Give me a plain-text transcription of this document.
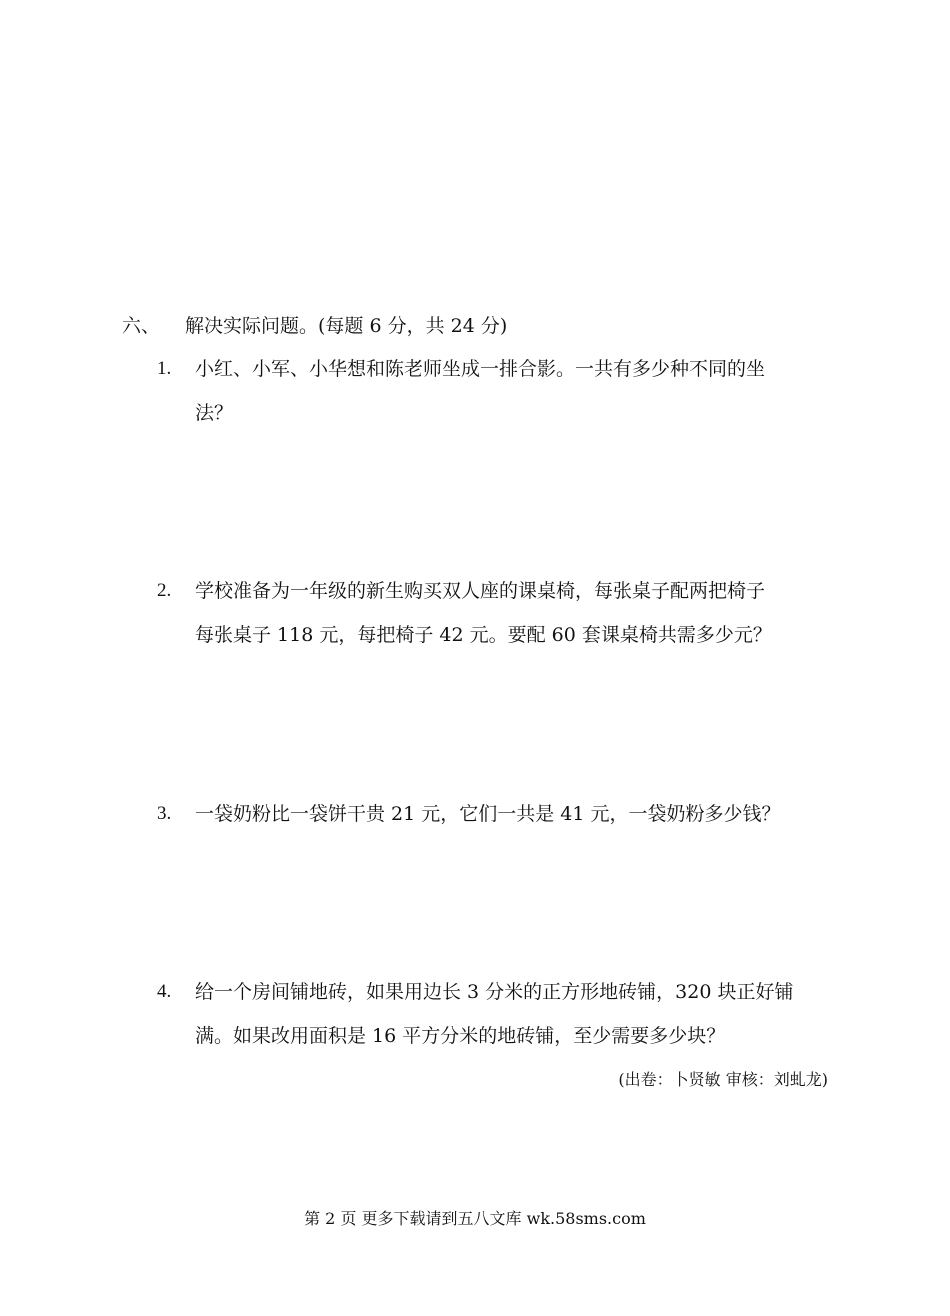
六、 解决实际问题。(每题 6 分，共 24 分)
1. 小红、小军、小华想和陈老师坐成一排合影。一共有多少种不同的坐
法？
2. 学校准备为一年级的新生购买双人座的课桌椅，每张桌子配两把椅子
每张桌子 118 元，每把椅子 42 元。要配 60 套课桌椅共需多少元？
3. 一袋奶粉比一袋饼干贵 21 元，它们一共是 41 元，一袋奶粉多少钱？
4. 给一个房间铺地砖，如果用边长 3 分米的正方形地砖铺，320 块正好铺
满。如果改用面积是 16 平方分米的地砖铺，至少需要多少块？
(出卷：卜贤敏 审核：刘虬龙)
第 2 页 更多下载请到五八文库 wk.58sms.com
